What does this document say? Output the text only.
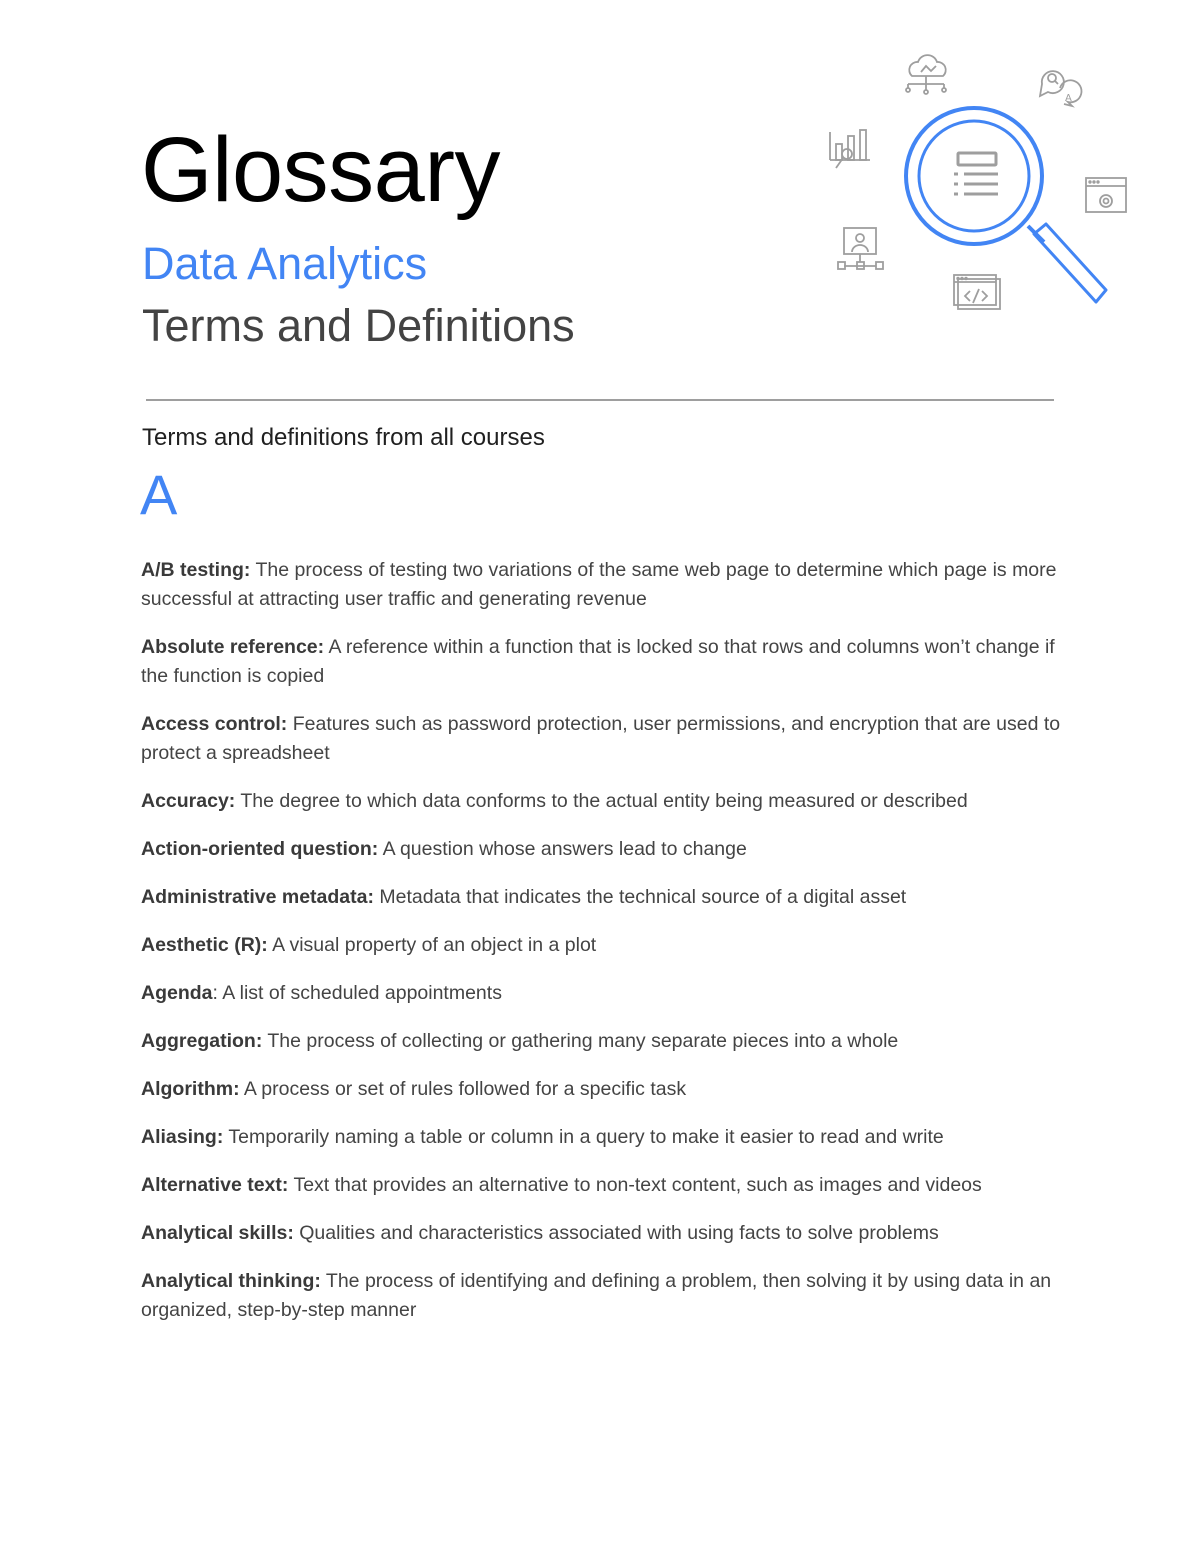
Glossary
Data Analytics
Terms and Definitions
A
Terms and definitions from all courses
A

A/B testing: The process of testing two variations of the same web page to determine which page is more successful at attracting user traffic and generating revenue

Absolute reference: A reference within a function that is locked so that rows and columns won’t change if the function is copied

Access control: Features such as password protection, user permissions, and encryption that are used to protect a spreadsheet

Accuracy: The degree to which data conforms to the actual entity being measured or described

Action-oriented question: A question whose answers lead to change

Administrative metadata: Metadata that indicates the technical source of a digital asset

Aesthetic (R): A visual property of an object in a plot

Agenda: A list of scheduled appointments

Aggregation: The process of collecting or gathering many separate pieces into a whole

Algorithm: A process or set of rules followed for a specific task

Aliasing: Temporarily naming a table or column in a query to make it easier to read and write

Alternative text: Text that provides an alternative to non-text content, such as images and videos

Analytical skills: Qualities and characteristics associated with using facts to solve problems

Analytical thinking: The process of identifying and defining a problem, then solving it by using data in an organized, step-by-step manner
